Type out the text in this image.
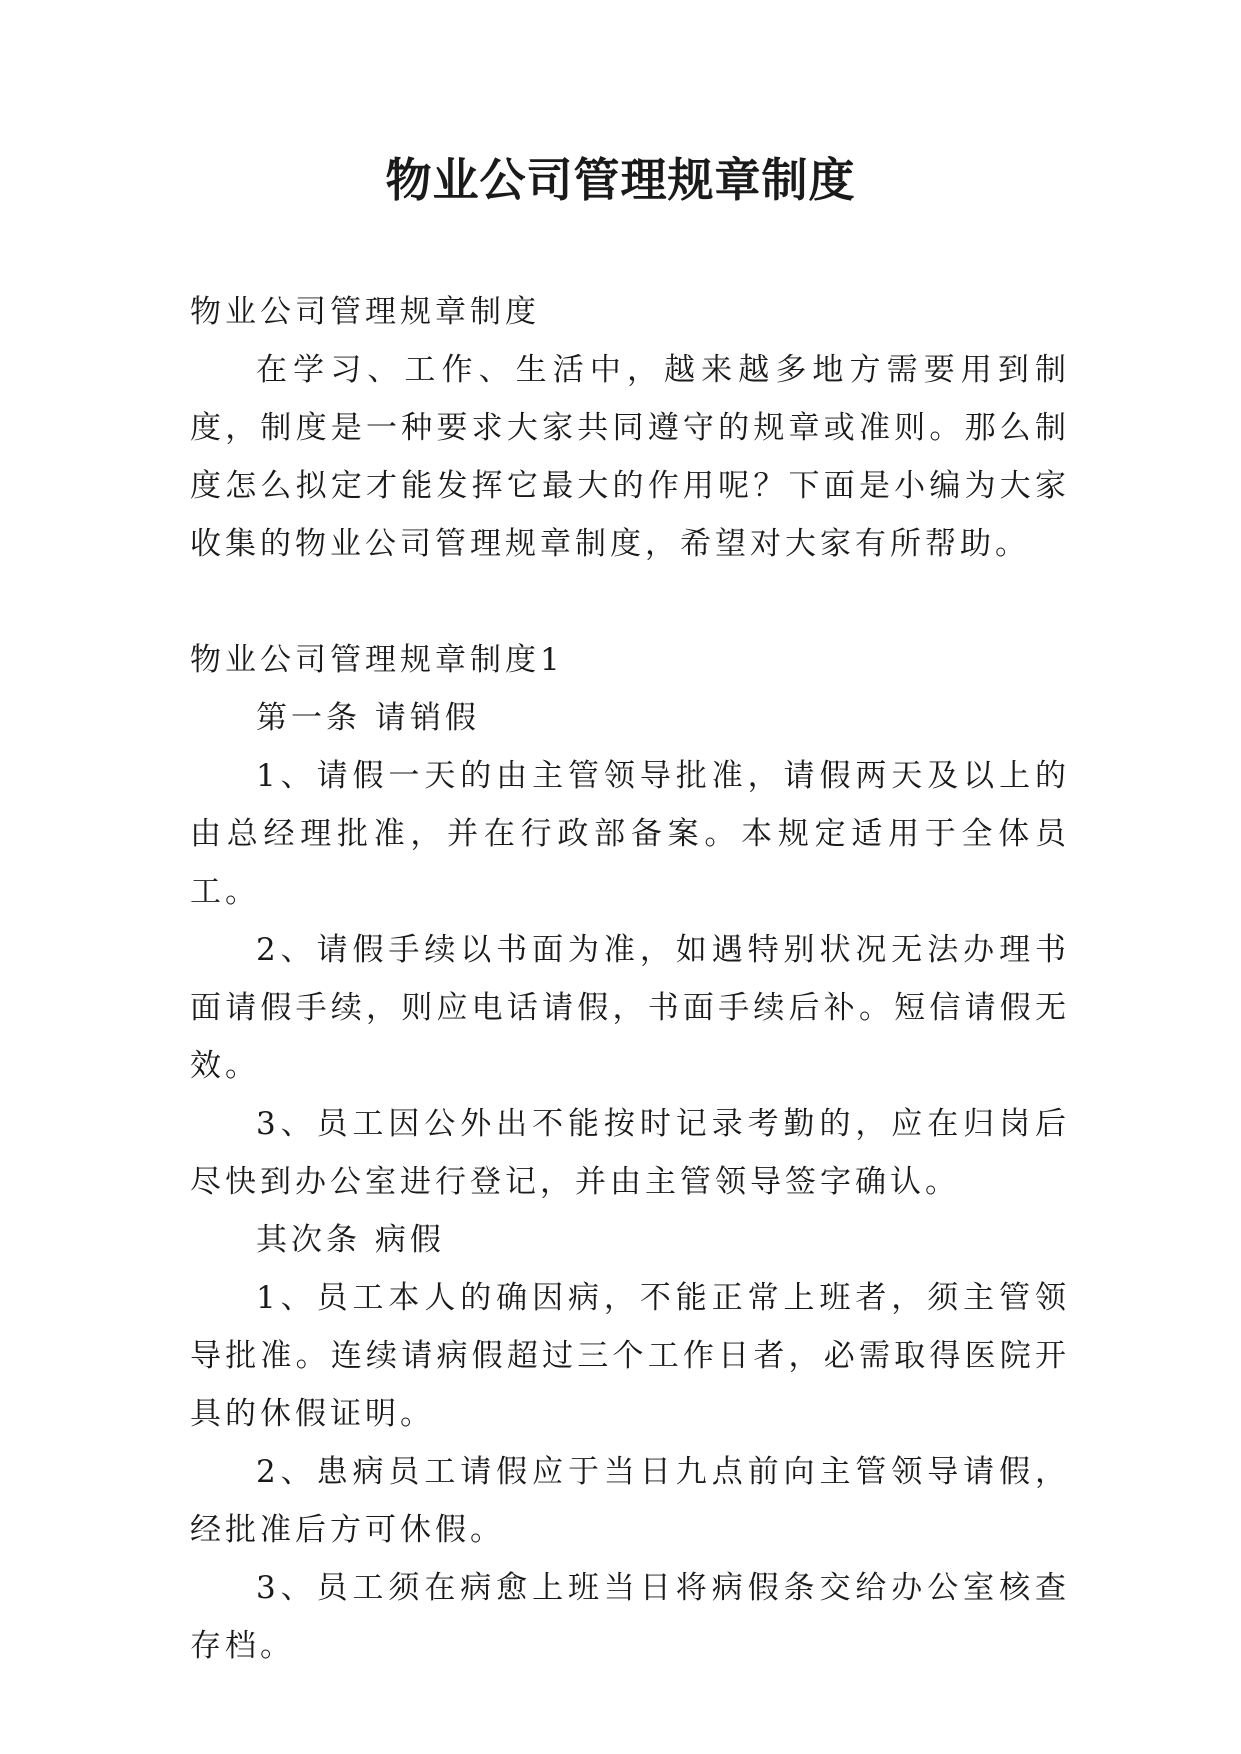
物业公司管理规章制度

物业公司管理规章制度

在学习、工作、生活中，越来越多地方需要用到制度，制度是一种要求大家共同遵守的规章或准则。那么制度怎么拟定才能发挥它最大的作用呢？下面是小编为大家收集的物业公司管理规章制度，希望对大家有所帮助。

物业公司管理规章制度1

第一条 请销假

1、请假一天的由主管领导批准，请假两天及以上的由总经理批准，并在行政部备案。本规定适用于全体员工。

2、请假手续以书面为准，如遇特别状况无法办理书面请假手续，则应电话请假，书面手续后补。短信请假无效。

3、员工因公外出不能按时记录考勤的，应在归岗后尽快到办公室进行登记，并由主管领导签字确认。

其次条 病假

1、员工本人的确因病，不能正常上班者，须主管领导批准。连续请病假超过三个工作日者，必需取得医院开具的休假证明。

2、患病员工请假应于当日九点前向主管领导请假，经批准后方可休假。

3、员工须在病愈上班当日将病假条交给办公室核查存档。
